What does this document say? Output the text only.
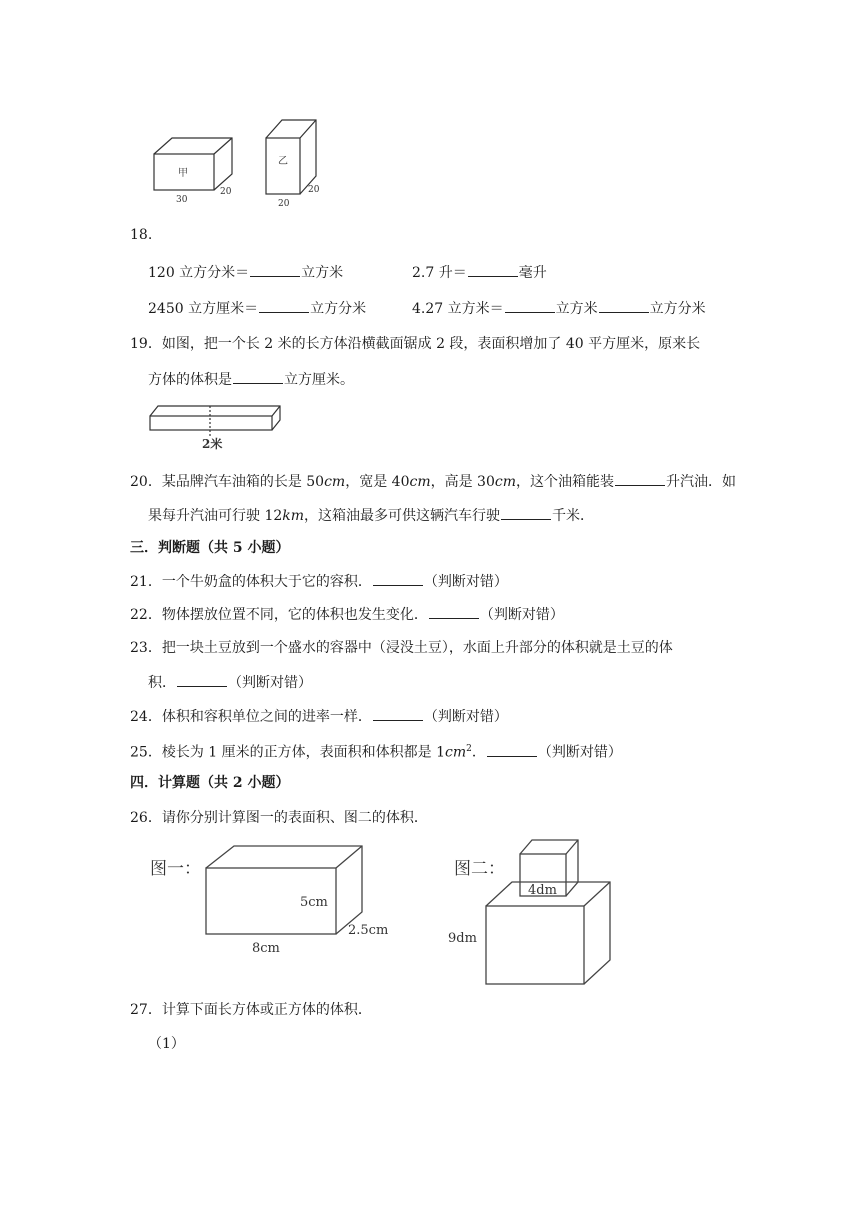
甲
30
20
乙
20
20
18.
120 立方分米＝	立方米	2.7 升＝	毫升
2450 立方厘米＝	立方分米	4.27 立方米＝	立方米	立方分米
19．如图，把一个长 2 米的长方体沿横截面锯成 2 段，表面积增加了 40 平方厘米，原来长
方体的体积是	立方厘米。
2米
20．某品牌汽车油箱的长是 50cm，宽是 40cm，高是 30cm，这个油箱能装	升汽油．如
果每升汽油可行驶 12km，这箱油最多可供这辆汽车行驶	千米．
三．判断题（共 5 小题）
21．一个牛奶盒的体积大于它的容积．	（判断对错）
22．物体摆放位置不同，它的体积也发生变化．	（判断对错）
23．把一块土豆放到一个盛水的容器中（浸没土豆），水面上升部分的体积就是土豆的体
积．	（判断对错）
24．体积和容积单位之间的进率一样．	（判断对错）
25．棱长为 1 厘米的正方体，表面积和体积都是 $1cm^2$．	（判断对错）
四．计算题（共 2 小题）
26．请你分别计算图一的表面积、图二的体积．
图一：
5cm
2.5cm
8cm
图二：
4dm
9dm
27．计算下面长方体或正方体的体积．
（1）
